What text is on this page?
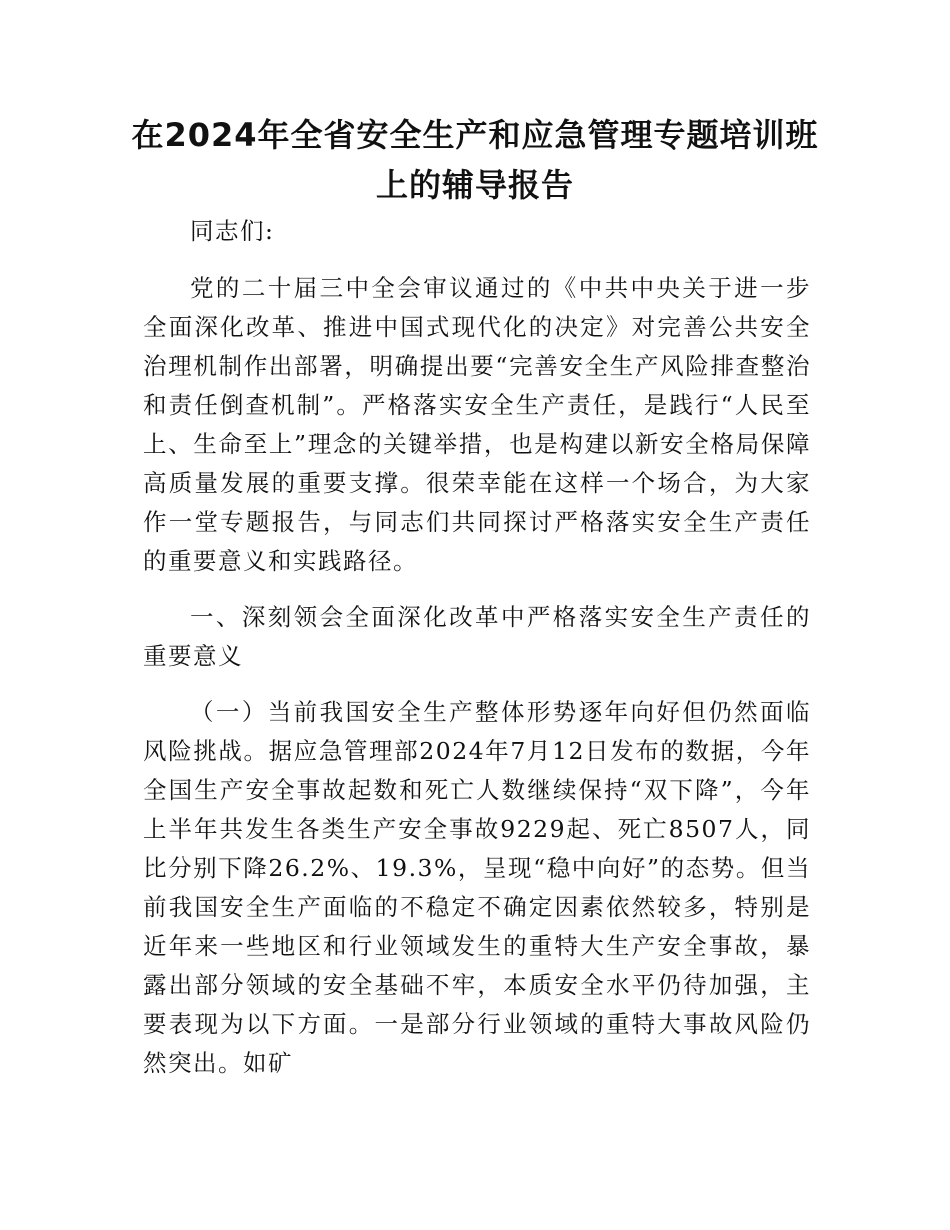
在2024年全省安全生产和应急管理专题培训班
上的辅导报告

同志们:

党的二十届三中全会审议通过的《中共中央关于进一步全面深化改革、推进中国式现代化的决定》对完善公共安全治理机制作出部署，明确提出要“完善安全生产风险排查整治和责任倒查机制”。严格落实安全生产责任，是践行“人民至上、生命至上”理念的关键举措，也是构建以新安全格局保障高质量发展的重要支撑。很荣幸能在这样一个场合，为大家作一堂专题报告，与同志们共同探讨严格落实安全生产责任的重要意义和实践路径。

一、深刻领会全面深化改革中严格落实安全生产责任的重要意义

（一）当前我国安全生产整体形势逐年向好但仍然面临风险挑战。据应急管理部2024年7月12日发布的数据，今年全国生产安全事故起数和死亡人数继续保持“双下降”，今年上半年共发生各类生产安全事故9229起、死亡8507人，同比分别下降26.2%、19.3%，呈现“稳中向好”的态势。但当前我国安全生产面临的不稳定不确定因素依然较多，特别是近年来一些地区和行业领域发生的重特大生产安全事故，暴露出部分领域的安全基础不牢，本质安全水平仍待加强，主要表现为以下方面。一是部分行业领域的重特大事故风险仍然突出。如矿
